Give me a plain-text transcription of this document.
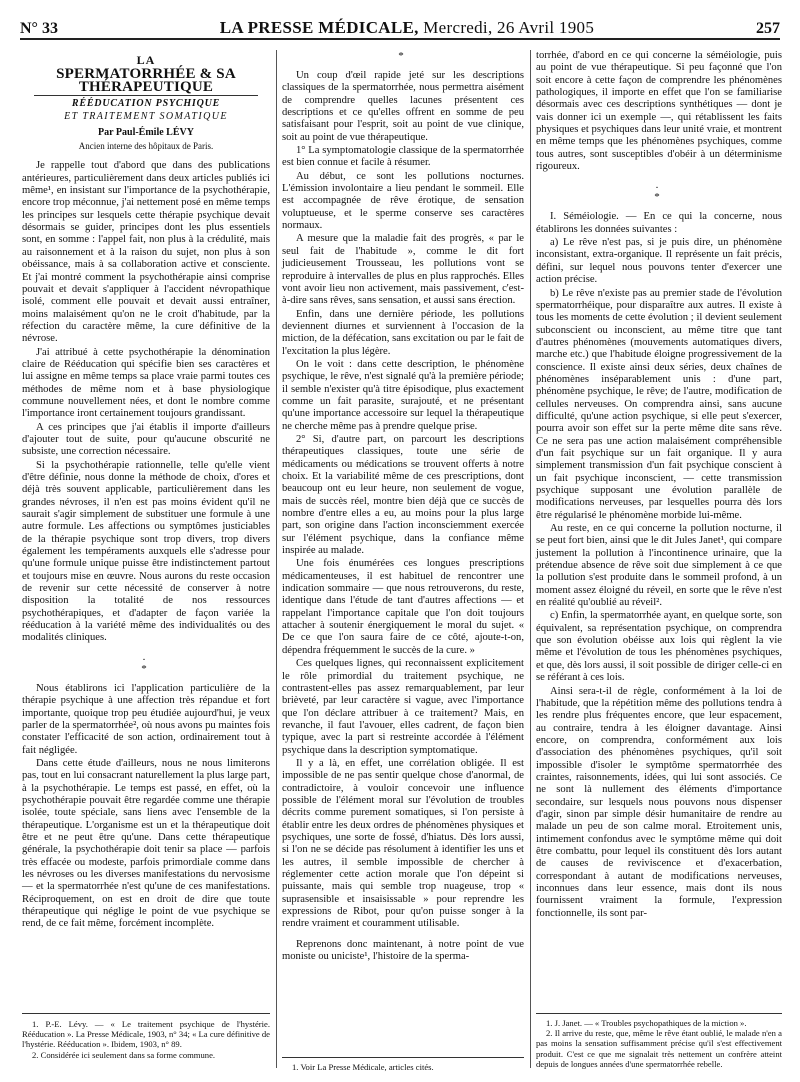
N° 33	LA PRESSE MÉDICALE, Mercredi, 26 Avril 1905	257
LA
SPERMATORRHÉE & SA THÉRAPEUTIQUE
RÉÉDUCATION PSYCHIQUE
ET TRAITEMENT SOMATIQUE
Par Paul-Émile LÉVY
Ancien interne des hôpitaux de Paris.

Je rappelle tout d'abord que dans des publications antérieures, particulièrement dans deux articles publiés ici même¹, en insistant sur l'importance de la psychothérapie, encore trop méconnue, j'ai nettement posé en même temps les principes sur lesquels cette thérapie psychique devait désormais se guider, principes dont les plus essentiels sont, en somme : l'appel fait, non plus à la crédulité, mais au raisonnement et à la raison du sujet, non plus à son obéissance, mais à sa collaboration active et consciente. Et j'ai montré comment la psychothérapie ainsi comprise pouvait et devait s'appliquer à l'accident névropathique isolé, comment elle pouvait et devait aussi entraîner, moins malaisément qu'on ne le croit d'habitude, par la réfection du caractère même, la cure définitive de la névrose.

J'ai attribué à cette psychothérapie la dénomination claire de Rééducation qui spécifie bien ses caractères et lui assigne en même temps sa place vraie parmi toutes ces méthodes de même nom et à base physiologique commune nouvellement nées, et dont le nombre comme l'importance iront certainement toujours grandissant.

A ces principes que j'ai établis il importe d'ailleurs d'ajouter tout de suite, pour qu'aucune obscurité ne subsiste, une correction nécessaire.

Si la psychothérapie rationnelle, telle qu'elle vient d'être définie, nous donne la méthode de choix, d'ores et déjà très souvent applicable, particulièrement dans les grandes névroses, il n'en est pas moins évident qu'il ne saurait s'agir simplement de substituer une formule à une autre formule. Les affections ou symptômes justiciables de la thérapie psychique sont trop divers, trop divers également les tempéraments auxquels elle s'adresse pour qu'une formule unique puisse être indistinctement partout et toujours mise en œuvre. Nous aurons du reste occasion de revenir sur cette nécessité de conserver à notre disposition la totalité de nos ressources psychothérapiques, et d'adapter de façon variée la rééducation à la variété même des individualités ou des modalités cliniques.

.
*

Nous établirons ici l'application particulière de la thérapie psychique à une affection très répandue et fort importante, quoique trop peu étudiée aujourd'hui, je veux parler de la spermatorrhée², où nous avons pu maintes fois constater l'efficacité de son action, ordinairement tout à fait négligée.

Dans cette étude d'ailleurs, nous ne nous limiterons pas, tout en lui consacrant naturellement la plus large part, à la psychothérapie. Le temps est passé, en effet, où la psychothérapie pouvait être regardée comme une thérapie isolée, toute spéciale, sans liens avec l'ensemble de la thérapeutique. L'organisme est un et la thérapeutique doit être et ne peut être qu'une. Dans cette thérapeutique générale, la psychothérapie doit tenir sa place — parfois très effacée ou modeste, parfois primordiale comme dans les névroses ou les diverses manifestations du nervosisme — et la spermatorrhée n'est qu'une de ces manifestations. Réciproquement, on est en droit de dire que toute thérapeutique qui néglige le point de vue psychique se rend, de ce fait même, forcément incomplète.

1. P.-E. Lévy. — « Le traitement psychique de l'hystérie. Rééducation ». La Presse Médicale, 1903, n° 34; « La cure définitive de l'hystérie. Rééducation ». Ibidem, 1903, n° 89.

2. Considérée ici seulement dans sa forme commune.

*

Un coup d'œil rapide jeté sur les descriptions classiques de la spermatorrhée, nous permettra aisément de comprendre quelles lacunes présentent ces descriptions et ce qu'elles offrent en somme de peu satisfaisant pour l'esprit, soit au point de vue clinique, soit au point de vue thérapeutique.

1° La symptomatologie classique de la spermatorrhée est bien connue et facile à résumer.

Au début, ce sont les pollutions nocturnes. L'émission involontaire a lieu pendant le sommeil. Elle est accompagnée de rêve érotique, de sensation voluptueuse, et le sperme conserve ses caractères normaux.

A mesure que la maladie fait des progrès, « par le seul fait de l'habitude », comme le dit fort judicieusement Trousseau, les pollutions vont se reproduire à intervalles de plus en plus rapprochés. Elles vont avoir lieu non activement, mais passivement, c'est-à-dire sans rêves, sans sensation, et aussi sans érection.

Enfin, dans une dernière période, les pollutions deviennent diurnes et surviennent à l'occasion de la miction, de la défécation, sans excitation ou par le fait de l'excitation la plus légère.

On le voit : dans cette description, le phénomène psychique, le rêve, n'est signalé qu'à la première période; il semble n'exister qu'à titre épisodique, plus exactement comme un fait parasite, surajouté, et ne présentant qu'une importance accessoire sur lequel la thérapeutique ne cherche même pas à prendre quelque prise.

2° Si, d'autre part, on parcourt les descriptions thérapeutiques classiques, toute une série de médicaments ou médications se trouvent offerts à notre choix. Et la variabilité même de ces prescriptions, dont beaucoup ont eu leur heure, non seulement de vogue, mais de succès réel, montre bien déjà que ce succès de nombre d'entre elles a eu, au moins pour la plus large part, son origine dans l'action inconsciemment exercée sur l'élément psychique, dans la confiance même inspirée au malade.

Une fois énumérées ces longues prescriptions médicamenteuses, il est habituel de rencontrer une indication sommaire — que nous retrouverons, du reste, identique dans l'étude de tant d'autres affections — et rappelant l'importance capitale que l'on doit toujours attacher à soutenir énergiquement le moral du sujet. « De ce que l'on saura faire de ce côté, ajoute-t-on, dépendra fréquemment le succès de la cure. »

Ces quelques lignes, qui reconnaissent explicitement le rôle primordial du traitement psychique, ne contrastent-elles pas assez remarquablement, par leur brièveté, par leur caractère si vague, avec l'importance que l'on déclare attribuer à ce traitement? Mais, en revanche, il faut l'avouer, elles cadrent, de façon bien typique, avec la part si restreinte accordée à l'élément psychique dans la description symptomatique.

Il y a là, en effet, une corrélation obligée. Il est impossible de ne pas sentir quelque chose d'anormal, de contradictoire, à vouloir concevoir une influence possible de l'élément moral sur l'évolution de troubles décrits comme purement somatiques, si l'on persiste à établir entre les deux ordres de phénomènes physiques et psychiques, une sorte de fossé, d'hiatus. Dès lors aussi, si l'on ne se décide pas résolument à identifier les uns et les autres, il semble impossible de chercher à réglementer cette action morale que l'on dépeint si puissante, mais qui semble trop nuageuse, trop « suprasensible et insaisissable » pour reprendre les expressions de Ribot, pour qu'on puisse songer à la rendre vraiment et couramment utilisable.

Reprenons donc maintenant, à notre point de vue moniste ou uniciste¹, l'histoire de la sperma-

1. Voir La Presse Médicale, articles cités.

torrhée, d'abord en ce qui concerne la séméiologie, puis au point de vue thérapeutique. Si peu façonné que l'on soit encore à cette façon de comprendre les phénomènes pathologiques, il importe en effet que l'on se familiarise désormais avec ces descriptions synthétiques — dont je vais donner ici un exemple —, qui rétablissent les faits physiques et psychiques dans leur unité vraie, et montrent en même temps que les phénomènes psychiques, comme tous autres, sont susceptibles d'obéir à un déterminisme rigoureux.

.
*

I. Séméiologie. — En ce qui la concerne, nous établirons les données suivantes :

a) Le rêve n'est pas, si je puis dire, un phénomène inconsistant, extra-organique. Il représente un fait précis, défini, sur lequel nous pouvons tenter d'exercer une action précise.

b) Le rêve n'existe pas au premier stade de l'évolution spermatorrhéique, pour disparaître aux autres. Il existe à tous les moments de cette évolution ; il devient seulement subconscient ou inconscient, au même titre que tant d'autres phénomènes (mouvements automatiques divers, marche etc.) que l'habitude éloigne progressivement de la conscience. Il existe ainsi deux séries, deux chaînes de phénomènes inséparablement unis : d'une part, phénomène psychique, le rêve; de l'autre, modification de cellules nerveuses. On comprendra ainsi, sans aucune difficulté, qu'une action psychique, si elle peut s'exercer, pourra avoir son effet sur la perte même dite sans rêve. Ce ne sera pas une action malaisément compréhensible d'un fait psychique sur un fait organique. Il y aura simplement transmission d'un fait psychique conscient à un fait psychique inconscient, — cette transmission psychique supposant une évolution parallèle de modifications nerveuses, par lesquelles pourra dès lors être régularisé le phénomène morbide lui-même.

Au reste, en ce qui concerne la pollution nocturne, il se peut fort bien, ainsi que le dit Jules Janet¹, qui compare justement la pollution à l'incontinence urinaire, que la prétendue absence de rêve soit due simplement à ce que la pollution s'est produite dans le sommeil profond, à un moment assez éloigné du réveil, en sorte que le rêve n'est en réalité qu'oublié au réveil².

c) Enfin, la spermatorrhée ayant, en quelque sorte, son équivalent, sa représentation psychique, on comprendra que son évolution obéisse aux lois qui règlent la vie même et l'évolution de tous les phénomènes psychiques, et que, dès lors aussi, il soit possible de diriger celle-ci en se référant à ces lois.

Ainsi sera-t-il de règle, conformément à la loi de l'habitude, que la répétition même des pollutions tendra à les rendre plus fréquentes encore, que leur espacement, au contraire, tendra à les éloigner davantage. Ainsi encore, on comprendra, conformément aux lois d'association des phénomènes psychiques, qu'il soit impossible d'isoler le symptôme spermatorrhée des craintes, raisonnements, idées, qui lui sont associés. Ce ne sont là nullement des éléments d'importance secondaire, sur lesquels nous pouvons nous dispenser d'agir, sinon par simple désir humanitaire de rendre au malade un peu de son calme moral. Etroitement unis, intimement confondus avec le symptôme même qui doit être combattu, pour lequel ils constituent dès lors autant de causes de reviviscence et d'exacerbation, correspondant à autant de modifications nerveuses, inconnues dans leur essence, mais dont ils nous fournissent vraiment la formule, l'expression fonctionnelle, ils sont par-

1. J. Janet. — « Troubles psychopathiques de la miction ».

2. Il arrive du reste, que, même le rêve étant oublié, le malade n'en a pas moins la sensation suffisamment précise qu'il s'est effectivement produit. C'est ce que me signalait très nettement un confrère atteint depuis de longues années d'une spermatorrhée rebelle.
